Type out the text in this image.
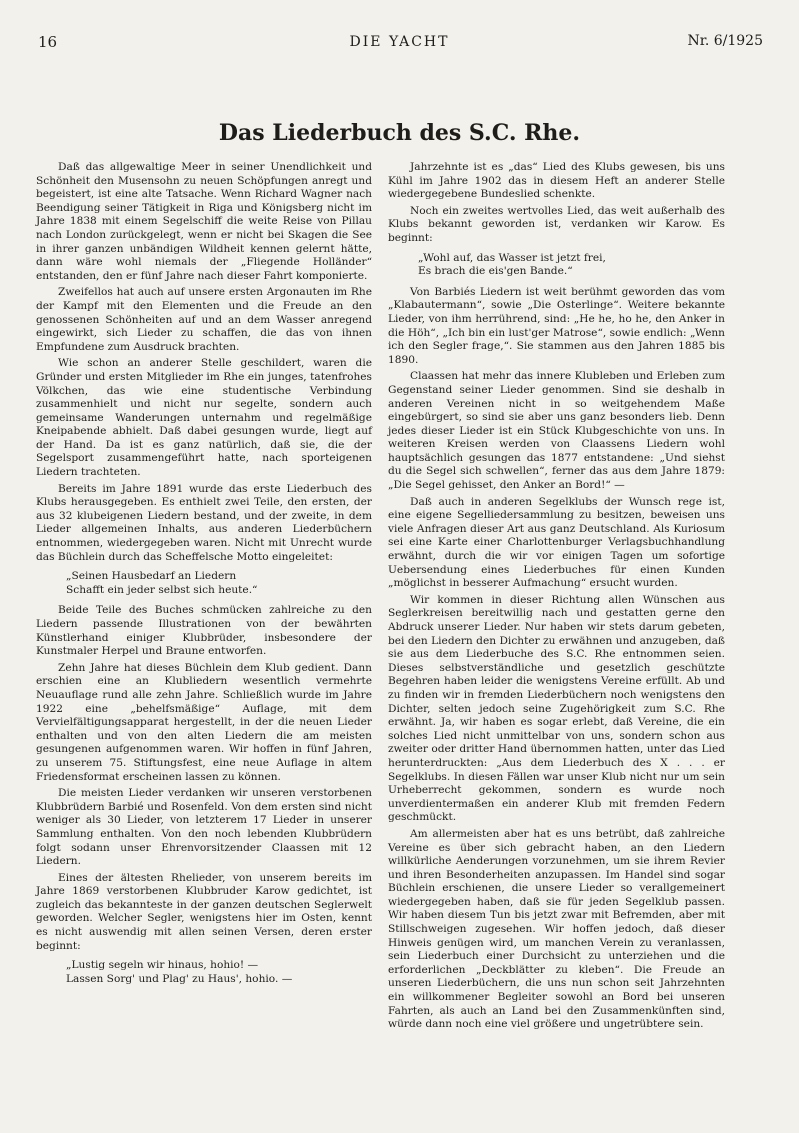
16	DIE YACHT	Nr. 6/1925
Das Liederbuch des S.C. Rhe.

Daß das allgewaltige Meer in seiner Unendlichkeit und Schönheit den Musensohn zu neuen Schöpfungen anregt und begeistert, ist eine alte Tatsache. Wenn Richard Wagner nach Beendigung seiner Tätigkeit in Riga und Königsberg nicht im Jahre 1838 mit einem Segelschiff die weite Reise von Pillau nach London zurückgelegt, wenn er nicht bei Skagen die See in ihrer ganzen unbändigen Wildheit kennen gelernt hätte, dann wäre wohl niemals der „Fliegende Holländer“ entstanden, den er fünf Jahre nach dieser Fahrt komponierte.

Zweifellos hat auch auf unsere ersten Argonauten im Rhe der Kampf mit den Elementen und die Freude an den genossenen Schönheiten auf und an dem Wasser anregend eingewirkt, sich Lieder zu schaffen, die das von ihnen Empfundene zum Ausdruck brachten.

Wie schon an anderer Stelle geschildert, waren die Gründer und ersten Mitglieder im Rhe ein junges, tatenfrohes Völkchen, das wie eine studentische Verbindung zusammenhielt und nicht nur segelte, sondern auch gemeinsame Wanderungen unternahm und regelmäßige Kneipabende abhielt. Daß dabei gesungen wurde, liegt auf der Hand. Da ist es ganz natürlich, daß sie, die der Segelsport zusammengeführt hatte, nach sporteigenen Liedern trachteten.

Bereits im Jahre 1891 wurde das erste Liederbuch des Klubs herausgegeben. Es enthielt zwei Teile, den ersten, der aus 32 klubeigenen Liedern bestand, und der zweite, in dem Lieder allgemeinen Inhalts, aus anderen Liederbüchern entnommen, wiedergegeben waren. Nicht mit Unrecht wurde das Büchlein durch das Scheffelsche Motto eingeleitet:

„Seinen Hausbedarf an Liedern
Schafft ein jeder selbst sich heute.“

Beide Teile des Buches schmücken zahlreiche zu den Liedern passende Illustrationen von der bewährten Künstlerhand einiger Klubbrüder, insbesondere der Kunstmaler Herpel und Braune entworfen.

Zehn Jahre hat dieses Büchlein dem Klub gedient. Dann erschien eine an Klubliedern wesentlich vermehrte Neuauflage rund alle zehn Jahre. Schließlich wurde im Jahre 1922 eine „behelfsmäßige“ Auflage, mit dem Vervielfältigungsapparat hergestellt, in der die neuen Lieder enthalten und von den alten Liedern die am meisten gesungenen aufgenommen waren. Wir hoffen in fünf Jahren, zu unserem 75. Stiftungsfest, eine neue Auflage in altem Friedensformat erscheinen lassen zu können.

Die meisten Lieder verdanken wir unseren verstorbenen Klubbrüdern Barbié und Rosenfeld. Von dem ersten sind nicht weniger als 30 Lieder, von letzterem 17 Lieder in unserer Sammlung enthalten. Von den noch lebenden Klubbrüdern folgt sodann unser Ehrenvorsitzender Claassen mit 12 Liedern.

Eines der ältesten Rhelieder, von unserem bereits im Jahre 1869 verstorbenen Klubbruder Karow gedichtet, ist zugleich das bekannteste in der ganzen deutschen Seglerwelt geworden. Welcher Segler, wenigstens hier im Osten, kennt es nicht auswendig mit allen seinen Versen, deren erster beginnt:

„Lustig segeln wir hinaus, hohio! —
Lassen Sorg' und Plag' zu Haus', hohio. —

Jahrzehnte ist es „das“ Lied des Klubs gewesen, bis uns Kühl im Jahre 1902 das in diesem Heft an anderer Stelle wiedergegebene Bundeslied schenkte.

Noch ein zweites wertvolles Lied, das weit außerhalb des Klubs bekannt geworden ist, verdanken wir Karow. Es beginnt:

„Wohl auf, das Wasser ist jetzt frei,
Es brach die eis'gen Bande.“

Von Barbiés Liedern ist weit berühmt geworden das vom „Klabautermann“, sowie „Die Osterlinge“. Weitere bekannte Lieder, von ihm herrührend, sind: „He he, ho he, den Anker in die Höh“, „Ich bin ein lust'ger Matrose“, sowie endlich: „Wenn ich den Segler frage,“. Sie stammen aus den Jahren 1885 bis 1890.

Claassen hat mehr das innere Klubleben und Erleben zum Gegenstand seiner Lieder genommen. Sind sie deshalb in anderen Vereinen nicht in so weitgehendem Maße eingebürgert, so sind sie aber uns ganz besonders lieb. Denn jedes dieser Lieder ist ein Stück Klubgeschichte von uns. In weiteren Kreisen werden von Claassens Liedern wohl hauptsächlich gesungen das 1877 entstandene: „Und siehst du die Segel sich schwellen“, ferner das aus dem Jahre 1879: „Die Segel gehisset, den Anker an Bord!“ —

Daß auch in anderen Segelklubs der Wunsch rege ist, eine eigene Segelliedersammlung zu besitzen, beweisen uns viele Anfragen dieser Art aus ganz Deutschland. Als Kuriosum sei eine Karte einer Charlottenburger Verlagsbuchhandlung erwähnt, durch die wir vor einigen Tagen um sofortige Uebersendung eines Liederbuches für einen Kunden „möglichst in besserer Aufmachung“ ersucht wurden.

Wir kommen in dieser Richtung allen Wünschen aus Seglerkreisen bereitwillig nach und gestatten gerne den Abdruck unserer Lieder. Nur haben wir stets darum gebeten, bei den Liedern den Dichter zu erwähnen und anzugeben, daß sie aus dem Liederbuche des S.C. Rhe entnommen seien. Dieses selbstverständliche und gesetzlich geschützte Begehren haben leider die wenigstens Vereine erfüllt. Ab und zu finden wir in fremden Liederbüchern noch wenigstens den Dichter, selten jedoch seine Zugehörigkeit zum S.C. Rhe erwähnt. Ja, wir haben es sogar erlebt, daß Vereine, die ein solches Lied nicht unmittelbar von uns, sondern schon aus zweiter oder dritter Hand übernommen hatten, unter das Lied herunterdruckten: „Aus dem Liederbuch des X . . . er Segelklubs. In diesen Fällen war unser Klub nicht nur um sein Urheberrecht gekommen, sondern es wurde noch unverdientermaßen ein anderer Klub mit fremden Federn geschmückt.

Am allermeisten aber hat es uns betrübt, daß zahlreiche Vereine es über sich gebracht haben, an den Liedern willkürliche Aenderungen vorzunehmen, um sie ihrem Revier und ihren Besonderheiten anzupassen. Im Handel sind sogar Büchlein erschienen, die unsere Lieder so verallgemeinert wiedergegeben haben, daß sie für jeden Segelklub passen. Wir haben diesem Tun bis jetzt zwar mit Befremden, aber mit Stillschweigen zugesehen. Wir hoffen jedoch, daß dieser Hinweis genügen wird, um manchen Verein zu veranlassen, sein Liederbuch einer Durchsicht zu unterziehen und die erforderlichen „Deckblätter zu kleben“. Die Freude an unseren Liederbüchern, die uns nun schon seit Jahrzehnten ein willkommener Begleiter sowohl an Bord bei unseren Fahrten, als auch an Land bei den Zusammenkünften sind, würde dann noch eine viel größere und ungetrübtere sein.
